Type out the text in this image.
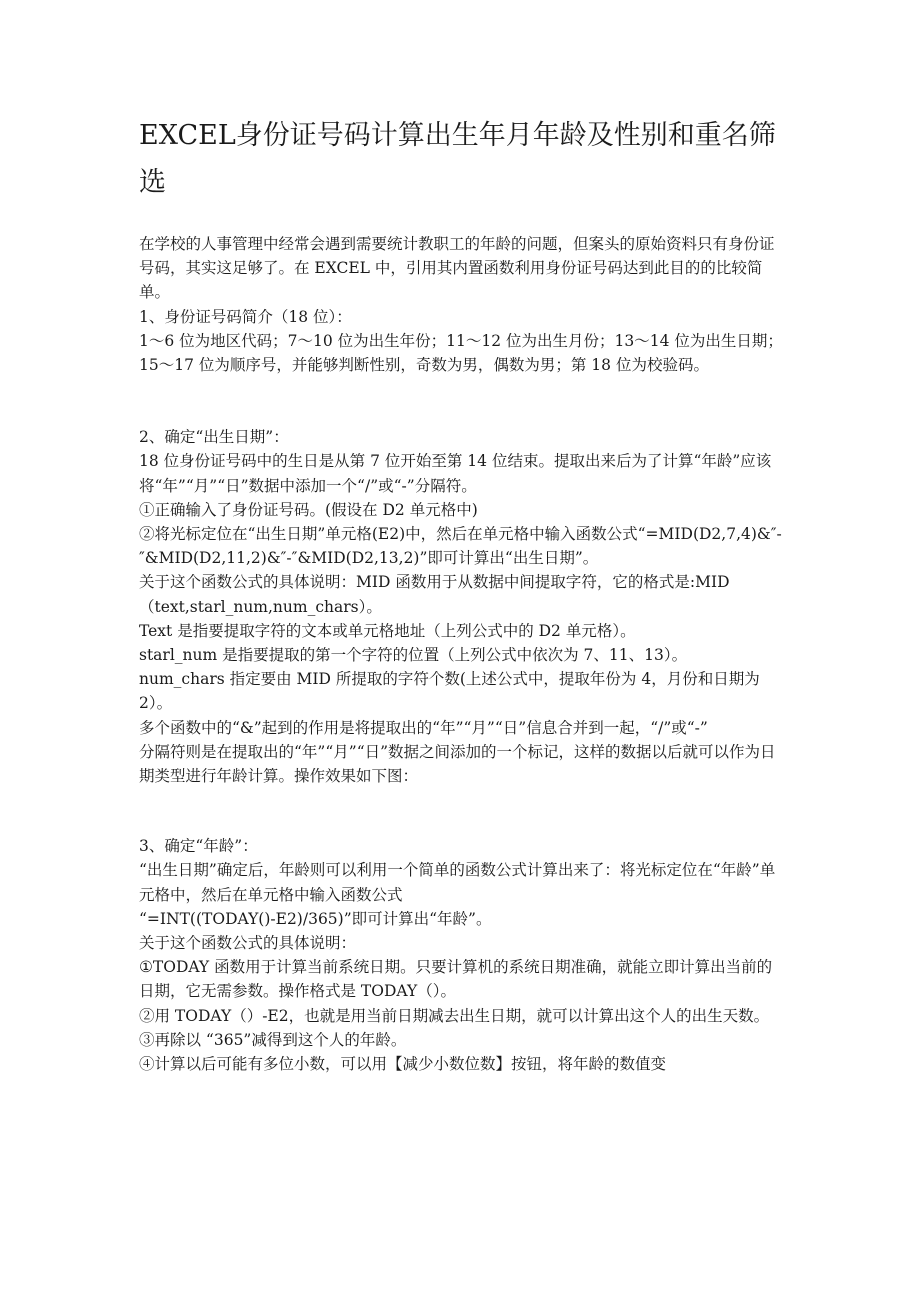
EXCEL身份证号码计算出生年月年龄及性别和重名筛选

在学校的人事管理中经常会遇到需要统计教职工的年龄的问题，但案头的原始资料只有身份证号码，其实这足够了。在 EXCEL 中，引用其内置函数利用身份证号码达到此目的的比较简单。

1、身份证号码简介（18 位）：

1～6 位为地区代码；7～10 位为出生年份；11～12 位为出生月份；13～14 位为出生日期；15～17 位为顺序号，并能够判断性别，奇数为男，偶数为男；第 18 位为校验码。

2、确定“出生日期”：

18 位身份证号码中的生日是从第 7 位开始至第 14 位结束。提取出来后为了计算“年龄”应该将“年”“月”“日”数据中添加一个“/”或“-”分隔符。

①正确输入了身份证号码。(假设在 D2 单元格中)

②将光标定位在“出生日期”单元格(E2)中，然后在单元格中输入函数公式“=MID(D2,7,4)&″-″&MID(D2,11,2)&″-″&MID(D2,13,2)”即可计算出“出生日期”。

关于这个函数公式的具体说明：MID 函数用于从数据中间提取字符，它的格式是:MID（text,starl_num,num_chars）。

Text 是指要提取字符的文本或单元格地址（上列公式中的 D2 单元格）。

starl_num 是指要提取的第一个字符的位置（上列公式中依次为 7、11、13）。

num_chars 指定要由 MID 所提取的字符个数(上述公式中，提取年份为 4，月份和日期为 2）。

多个函数中的“&”起到的作用是将提取出的“年”“月”“日”信息合并到一起，“/”或“-”

分隔符则是在提取出的“年”“月”“日”数据之间添加的一个标记，这样的数据以后就可以作为日期类型进行年龄计算。操作效果如下图：

3、确定“年龄”：

“出生日期”确定后，年龄则可以利用一个简单的函数公式计算出来了：将光标定位在“年龄”单元格中，然后在单元格中输入函数公式

“=INT((TODAY()-E2)/365)”即可计算出“年龄”。

关于这个函数公式的具体说明：

①TODAY 函数用于计算当前系统日期。只要计算机的系统日期准确，就能立即计算出当前的日期，它无需参数。操作格式是 TODAY（）。

②用 TODAY（）-E2，也就是用当前日期减去出生日期，就可以计算出这个人的出生天数。

③再除以 “365”减得到这个人的年龄。

④计算以后可能有多位小数，可以用【减少小数位数】按钮，将年龄的数值变
